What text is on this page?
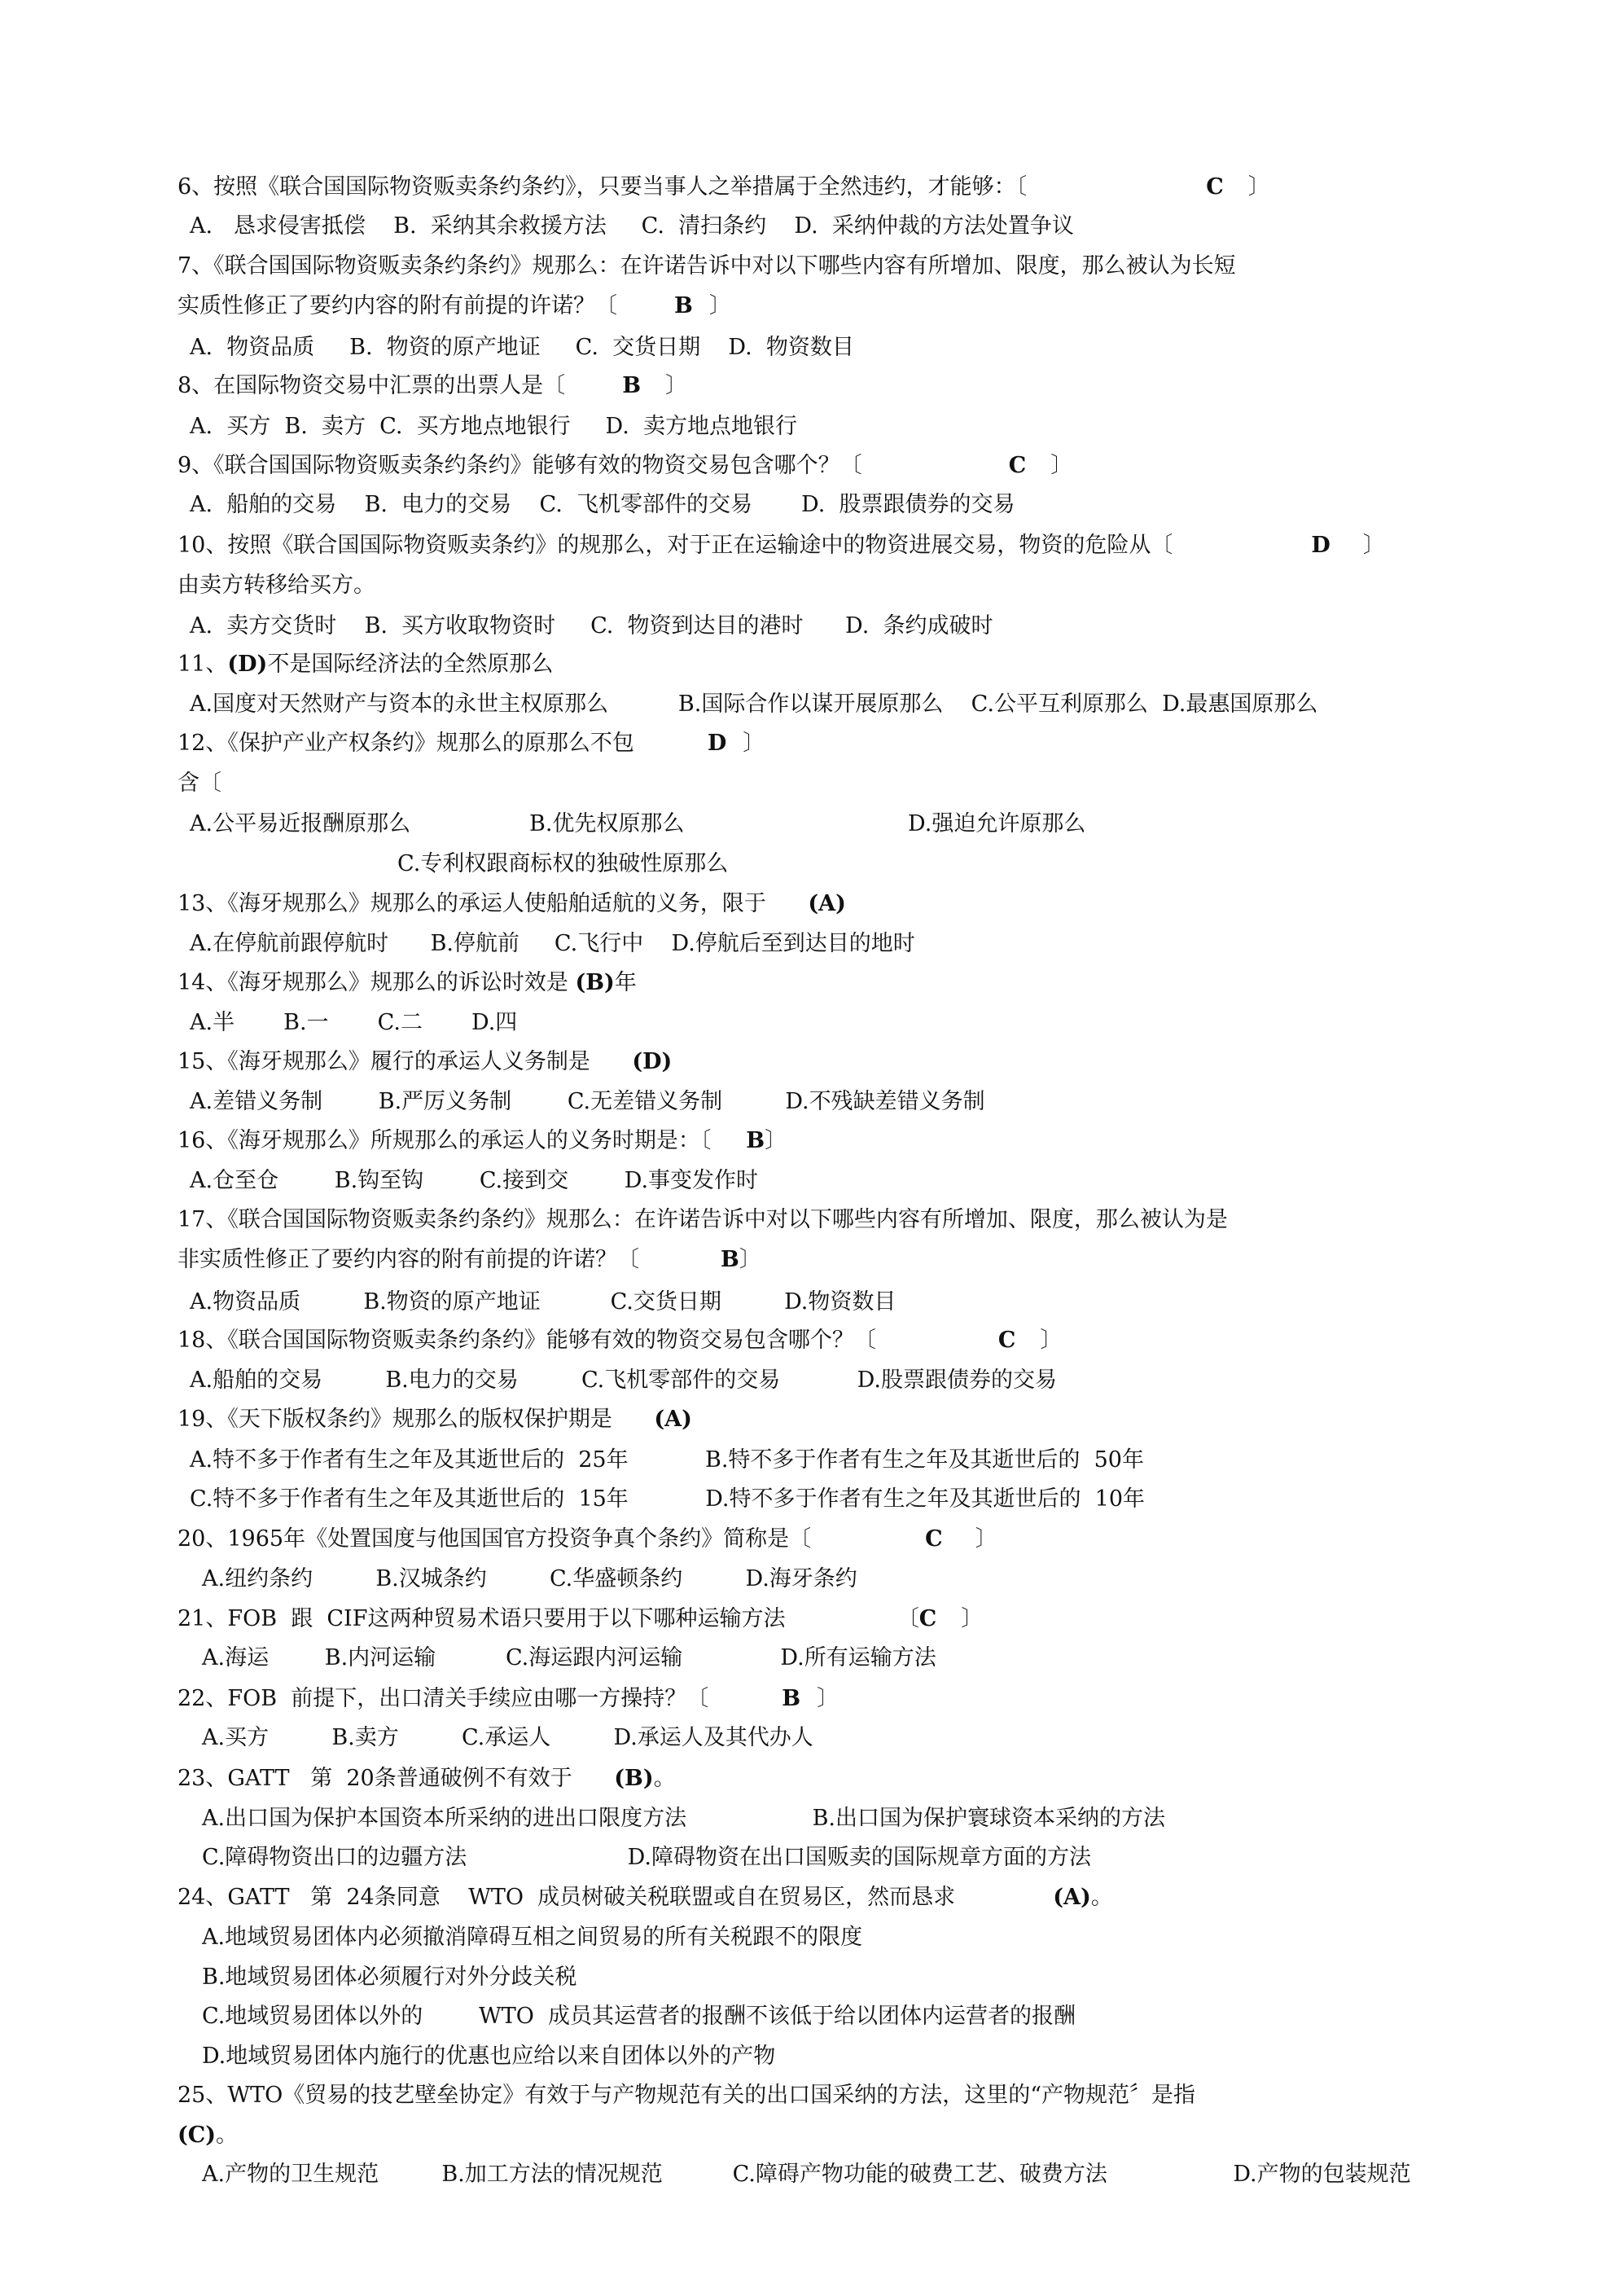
6、按照《联合国国际物资贩卖条约条约》，只要当事人之举措属于全然违约，才能够：〔	C 〕
A.   恳求侵害抵偿    B.  采纳其余救援方法     C.  清扫条约    D.  采纳仲裁的方法处置争议
7、《联合国国际物资贩卖条约条约》规那么：在许诺告诉中对以下哪些内容有所增加、限度，那么被认为长短
实质性修正了要约内容的附有前提的许诺？〔	B 〕
A.  物资品质     B.  物资的原产地证     C.  交货日期    D.  物资数目
8、在国际物资交易中汇票的出票人是〔	B 〕
A.  买方  B.  卖方  C.  买方地点地银行     D.  卖方地点地银行
9、《联合国国际物资贩卖条约条约》能够有效的物资交易包含哪个？〔	C 〕
A.  船舶的交易    B.  电力的交易    C.  飞机零部件的交易       D.  股票跟债券的交易
10、按照《联合国国际物资贩卖条约》的规那么，对于正在运输途中的物资进展交易，物资的危险从〔	D 〕
由卖方转移给买方。
A.  卖方交货时    B.  买方收取物资时     C.  物资到达目的港时      D.  条约成破时
11、(D)不是国际经济法的全然原那么
A.国度对天然财产与资本的永世主权原那么          B.国际合作以谋开展原那么    C.公平互利原那么  D.最惠国原那么
12、《保护产业产权条约》规那么的原那么不包	D 〕
含〔
A.公平易近报酬原那么                 B.优先权原那么                                D.强迫允许原那么
C.专利权跟商标权的独破性原那么
13、《海牙规那么》规那么的承运人使船舶适航的义务，限于      (A)
A.在停航前跟停航时      B.停航前     C.飞行中    D.停航后至到达目的地时
14、《海牙规那么》规那么的诉讼时效是 (B)年
A.半       B.一       C.二       D.四
15、《海牙规那么》履行的承运人义务制是      (D)
A.差错义务制        B.严厉义务制        C.无差错义务制         D.不残缺差错义务制
16、《海牙规那么》所规那么的承运人的义务时期是：〔     B〕
A.仓至仓        B.钩至钩        C.接到交        D.事变发作时
17、《联合国国际物资贩卖条约条约》规那么：在许诺告诉中对以下哪些内容有所增加、限度，那么被认为是
非实质性修正了要约内容的附有前提的许诺？〔	B〕
A.物资品质         B.物资的原产地证          C.交货日期         D.物资数目
18、《联合国国际物资贩卖条约条约》能够有效的物资交易包含哪个？〔	C 〕
A.船舶的交易         B.电力的交易         C.飞机零部件的交易           D.股票跟债券的交易
19、《天下版权条约》规那么的版权保护期是      (A)
A.特不多于作者有生之年及其逝世后的  25年           B.特不多于作者有生之年及其逝世后的  50年
C.特不多于作者有生之年及其逝世后的  15年           D.特不多于作者有生之年及其逝世后的  10年
20、1965年《处置国度与他国国官方投资争真个条约》简称是〔	C 〕
A.纽约条约         B.汉城条约         C.华盛顿条约         D.海牙条约
21、FOB  跟  CIF这两种贸易术语只要用于以下哪种运输方法                〔C 〕
A.海运        B.内河运输          C.海运跟内河运输              D.所有运输方法
22、FOB  前提下，出口清关手续应由哪一方操持？〔	B 〕
A.买方         B.卖方         C.承运人         D.承运人及其代办人
23、GATT   第  20条普通破例不有效于      (B)。
A.出口国为保护本国资本所采纳的进出口限度方法                  B.出口国为保护寰球资本采纳的方法
C.障碍物资出口的边疆方法                       D.障碍物资在出口国贩卖的国际规章方面的方法
24、GATT   第  24条同意    WTO  成员树破关税联盟或自在贸易区，然而恳求              (A)。
A.地域贸易团体内必须撤消障碍互相之间贸易的所有关税跟不的限度
B.地域贸易团体必须履行对外分歧关税
C.地域贸易团体以外的        WTO  成员其运营者的报酬不该低于给以团体内运营者的报酬
D.地域贸易团体内施行的优惠也应给以来自团体以外的产物
25、WTO《贸易的技艺壁垒协定》有效于与产物规范有关的出口国采纳的方法，这里的“产物规范〞是指
(C)。
A.产物的卫生规范         B.加工方法的情况规范          C.障碍产物功能的破费工艺、破费方法                  D.产物的包装规范
